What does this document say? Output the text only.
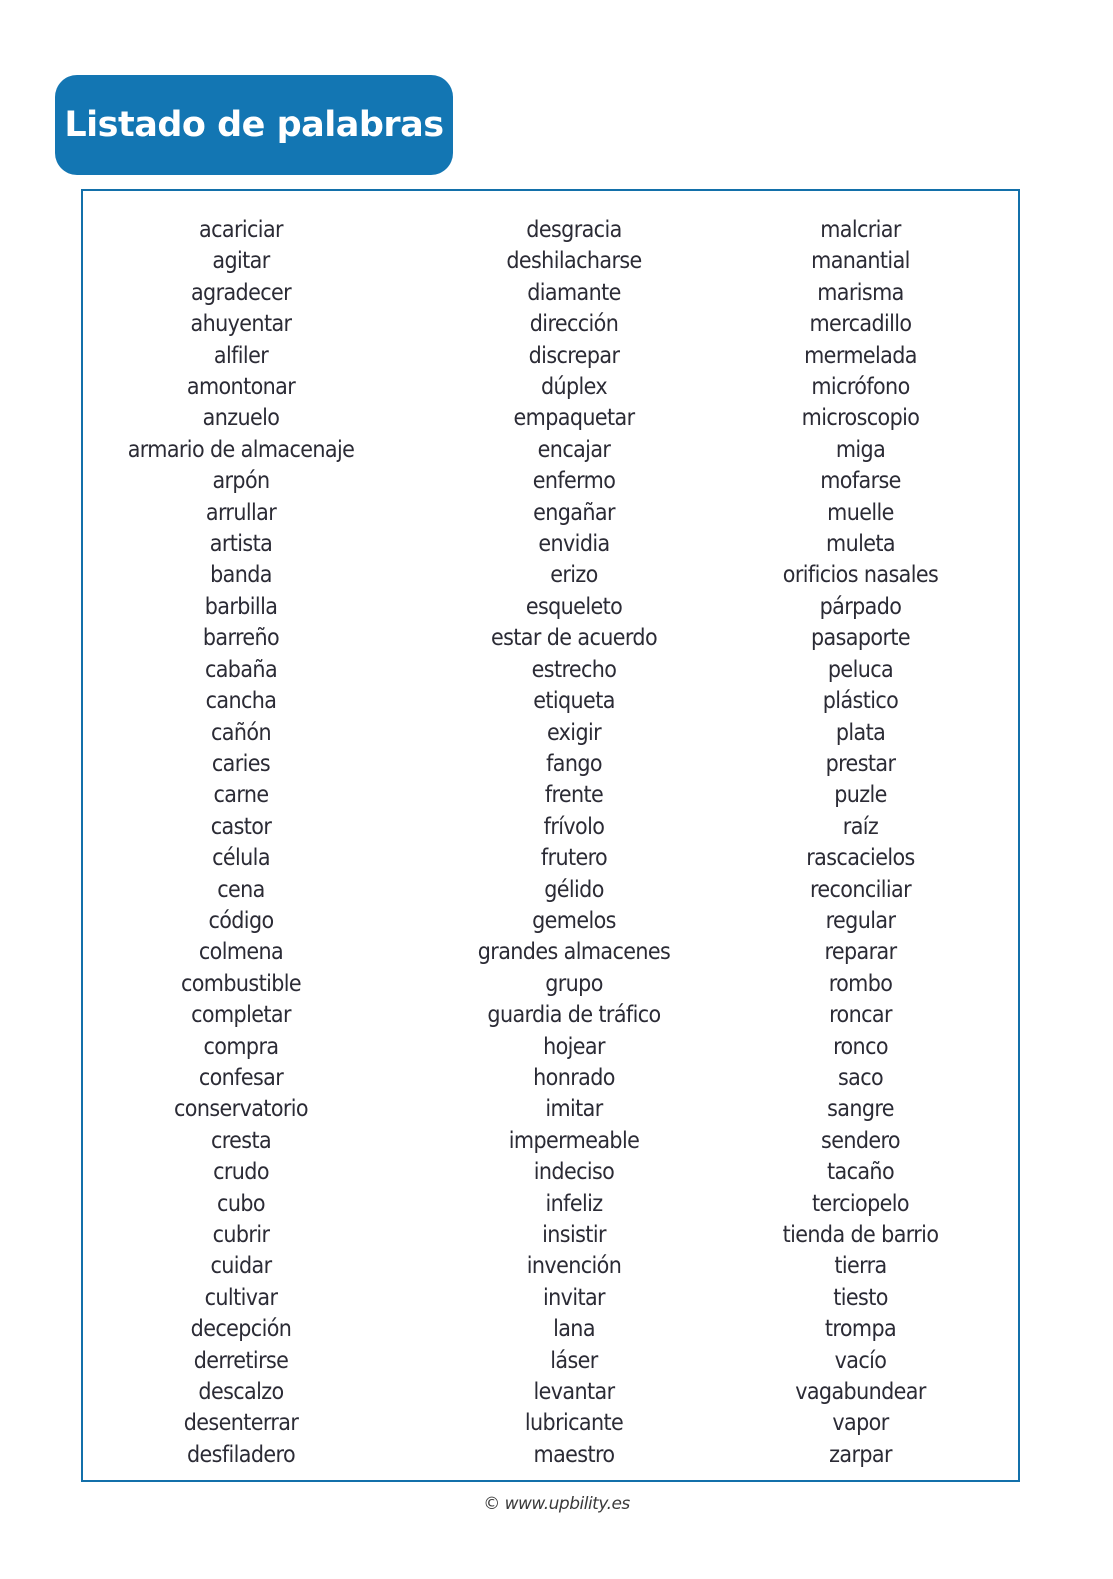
Listado de palabras
acariciar
agitar
agradecer
ahuyentar
alfiler
amontonar
anzuelo
armario de almacenaje
arpón
arrullar
artista
banda
barbilla
barreño
cabaña
cancha
cañón
caries
carne
castor
célula
cena
código
colmena
combustible
completar
compra
confesar
conservatorio
cresta
crudo
cubo
cubrir
cuidar
cultivar
decepción
derretirse
descalzo
desenterrar
desfiladero
desgracia
deshilacharse
diamante
dirección
discrepar
dúplex
empaquetar
encajar
enfermo
engañar
envidia
erizo
esqueleto
estar de acuerdo
estrecho
etiqueta
exigir
fango
frente
frívolo
frutero
gélido
gemelos
grandes almacenes
grupo
guardia de tráfico
hojear
honrado
imitar
impermeable
indeciso
infeliz
insistir
invención
invitar
lana
láser
levantar
lubricante
maestro
malcriar
manantial
marisma
mercadillo
mermelada
micrófono
microscopio
miga
mofarse
muelle
muleta
orificios nasales
párpado
pasaporte
peluca
plástico
plata
prestar
puzle
raíz
rascacielos
reconciliar
regular
reparar
rombo
roncar
ronco
saco
sangre
sendero
tacaño
terciopelo
tienda de barrio
tierra
tiesto
trompa
vacío
vagabundear
vapor
zarpar
© www.upbility.es
